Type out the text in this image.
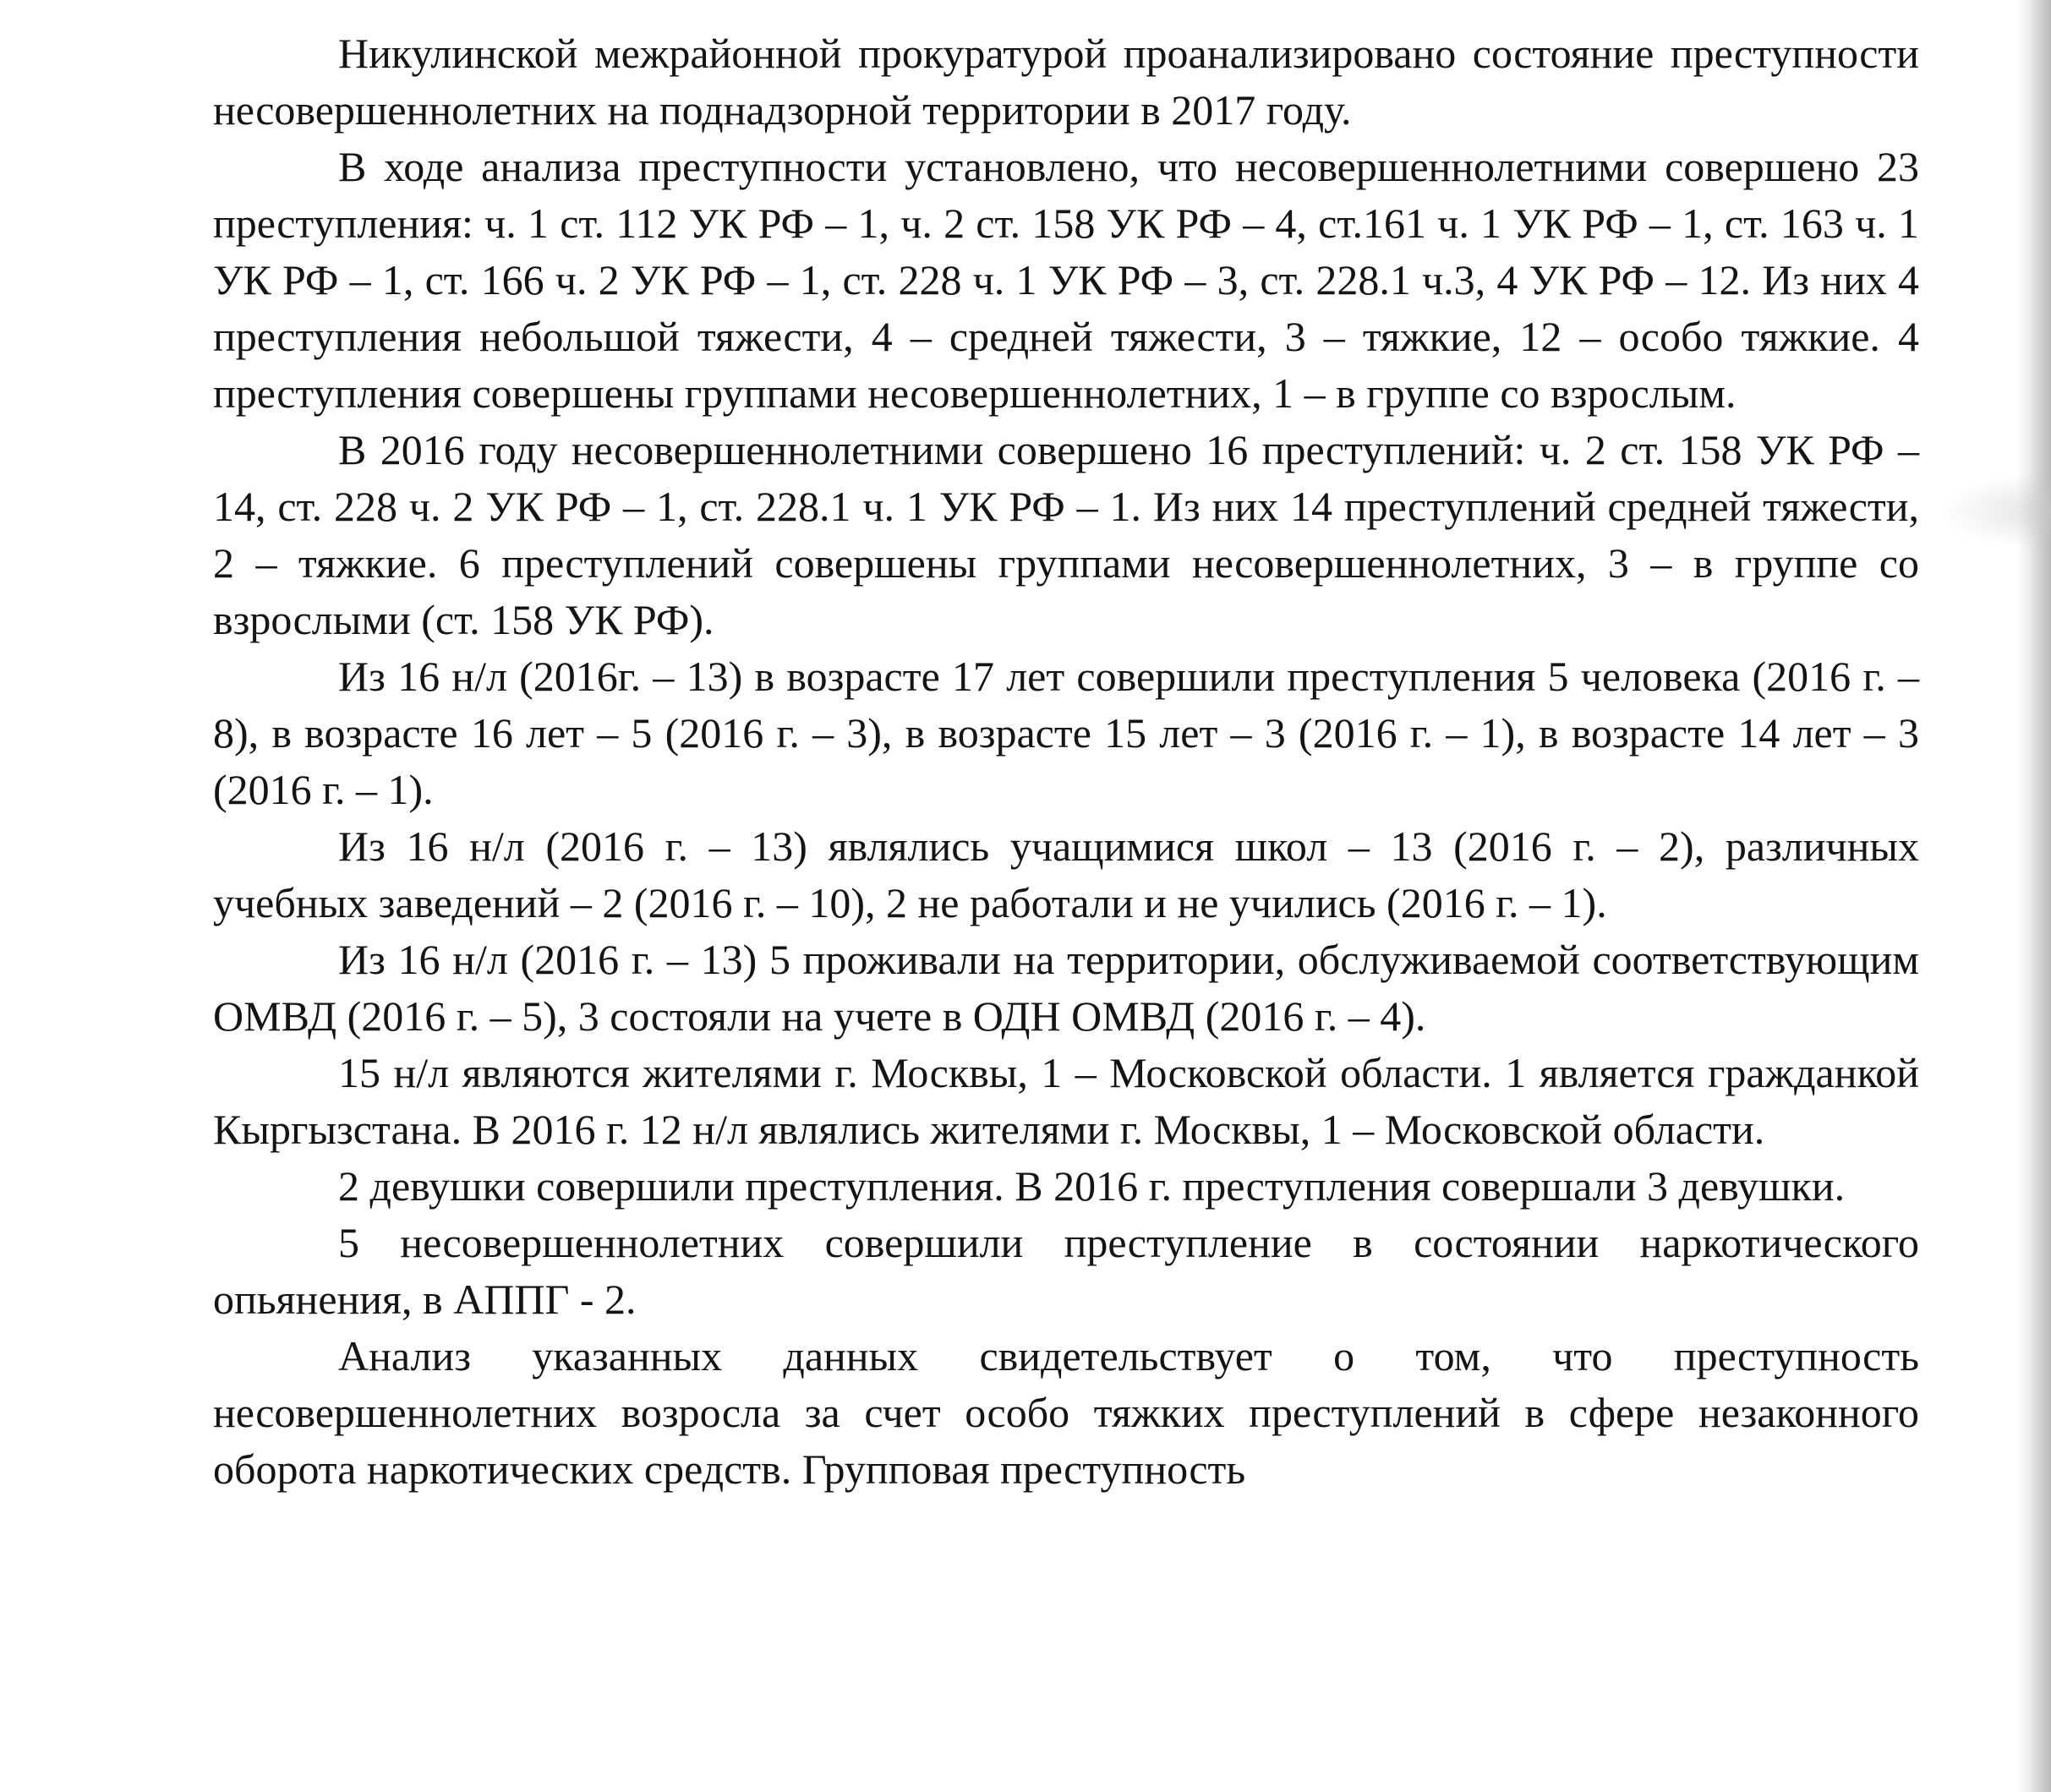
Никулинской межрайонной прокуратурой проанализировано состояние преступности несовершеннолетних на поднадзорной территории в 2017 году.

В ходе анализа преступности установлено, что несовершеннолетними совершено 23 преступления: ч. 1 ст. 112 УК РФ – 1, ч. 2 ст. 158 УК РФ – 4, ст.161 ч. 1 УК РФ – 1, ст. 163 ч. 1 УК РФ – 1, ст. 166 ч. 2 УК РФ – 1, ст. 228 ч. 1 УК РФ – 3, ст. 228.1 ч.3, 4 УК РФ – 12. Из них 4 преступления небольшой тяжести, 4 – средней тяжести, 3 – тяжкие, 12 – особо тяжкие. 4 преступления совершены группами несовершеннолетних, 1 – в группе со взрослым.

В 2016 году несовершеннолетними совершено 16 преступлений: ч. 2 ст. 158 УК РФ – 14, ст. 228 ч. 2 УК РФ – 1, ст. 228.1 ч. 1 УК РФ – 1. Из них 14 преступлений средней тяжести, 2 – тяжкие. 6 преступлений совершены группами несовершеннолетних, 3 – в группе со взрослыми (ст. 158 УК РФ).

Из 16 н/л (2016г. – 13) в возрасте 17 лет совершили преступления 5 человека (2016 г. – 8), в возрасте 16 лет – 5 (2016 г. – 3), в возрасте 15 лет – 3 (2016 г. – 1), в возрасте 14 лет – 3 (2016 г. – 1).

Из 16 н/л (2016 г. – 13) являлись учащимися школ – 13 (2016 г. – 2), различных учебных заведений – 2 (2016 г. – 10), 2 не работали и не учились (2016 г. – 1).

Из 16 н/л (2016 г. – 13) 5 проживали на территории, обслуживаемой соответствующим ОМВД (2016 г. – 5), 3 состояли на учете в ОДН ОМВД (2016 г. – 4).

15 н/л являются жителями г. Москвы, 1 – Московской области. 1 является гражданкой Кыргызстана. В 2016 г. 12 н/л являлись жителями г. Москвы, 1 – Московской области.

2 девушки совершили преступления. В 2016 г. преступления совершали 3 девушки.

5 несовершеннолетних совершили преступление в состоянии наркотического опьянения, в АППГ - 2.

Анализ указанных данных свидетельствует о том, что преступность несовершеннолетних возросла за счет особо тяжких преступлений в сфере незаконного оборота наркотических средств. Групповая преступность
